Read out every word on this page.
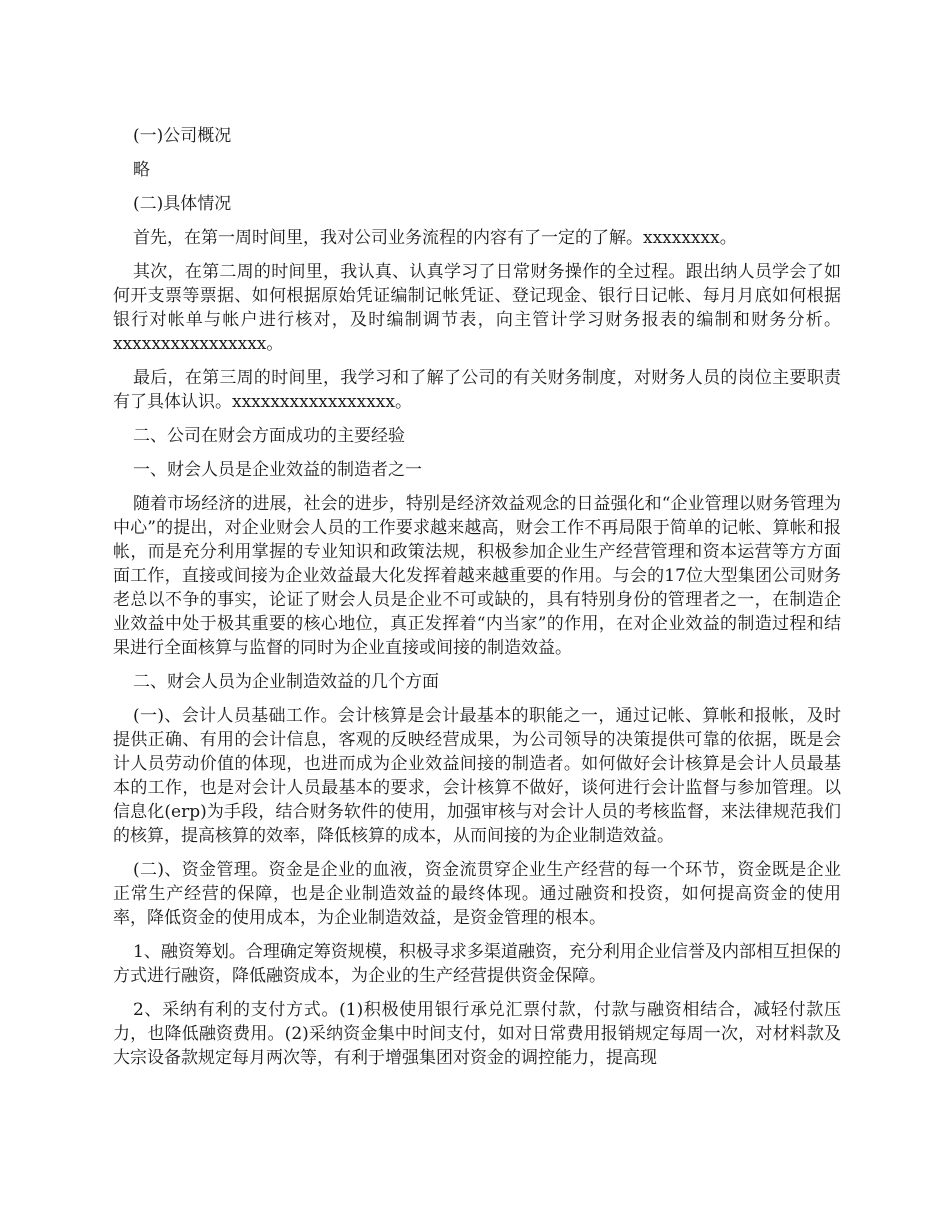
(一)公司概况

略

(二)具体情况

首先，在第一周时间里，我对公司业务流程的内容有了一定的了解。xxxxxxxx。

其次，在第二周的时间里，我认真、认真学习了日常财务操作的全过程。跟出纳人员学会了如何开支票等票据、如何根据原始凭证编制记帐凭证、登记现金、银行日记帐、每月月底如何根据银行对帐单与帐户进行核对，及时编制调节表，向主管计学习财务报表的编制和财务分析。xxxxxxxxxxxxxxxx。

最后，在第三周的时间里，我学习和了解了公司的有关财务制度，对财务人员的岗位主要职责有了具体认识。xxxxxxxxxxxxxxxxx。

二、公司在财会方面成功的主要经验

一、财会人员是企业效益的制造者之一

随着市场经济的进展，社会的进步，特别是经济效益观念的日益强化和“企业管理以财务管理为中心”的提出，对企业财会人员的工作要求越来越高，财会工作不再局限于简单的记帐、算帐和报帐，而是充分利用掌握的专业知识和政策法规，积极参加企业生产经营管理和资本运营等方方面面工作，直接或间接为企业效益最大化发挥着越来越重要的作用。与会的17位大型集团公司财务老总以不争的事实，论证了财会人员是企业不可或缺的，具有特别身份的管理者之一，在制造企业效益中处于极其重要的核心地位，真正发挥着“内当家”的作用，在对企业效益的制造过程和结果进行全面核算与监督的同时为企业直接或间接的制造效益。

二、财会人员为企业制造效益的几个方面

(一)、会计人员基础工作。会计核算是会计最基本的职能之一，通过记帐、算帐和报帐，及时提供正确、有用的会计信息，客观的反映经营成果，为公司领导的决策提供可靠的依据，既是会计人员劳动价值的体现，也进而成为企业效益间接的制造者。如何做好会计核算是会计人员最基本的工作，也是对会计人员最基本的要求，会计核算不做好，谈何进行会计监督与参加管理。以信息化(erp)为手段，结合财务软件的使用，加强审核与对会计人员的考核监督，来法律规范我们的核算，提高核算的效率，降低核算的成本，从而间接的为企业制造效益。

(二)、资金管理。资金是企业的血液，资金流贯穿企业生产经营的每一个环节，资金既是企业正常生产经营的保障，也是企业制造效益的最终体现。通过融资和投资，如何提高资金的使用率，降低资金的使用成本，为企业制造效益，是资金管理的根本。

1、融资筹划。合理确定筹资规模，积极寻求多渠道融资，充分利用企业信誉及内部相互担保的方式进行融资，降低融资成本，为企业的生产经营提供资金保障。

2、采纳有利的支付方式。(1)积极使用银行承兑汇票付款，付款与融资相结合，减轻付款压力，也降低融资费用。(2)采纳资金集中时间支付，如对日常费用报销规定每周一次，对材料款及大宗设备款规定每月两次等，有利于增强集团对资金的调控能力，提高现
